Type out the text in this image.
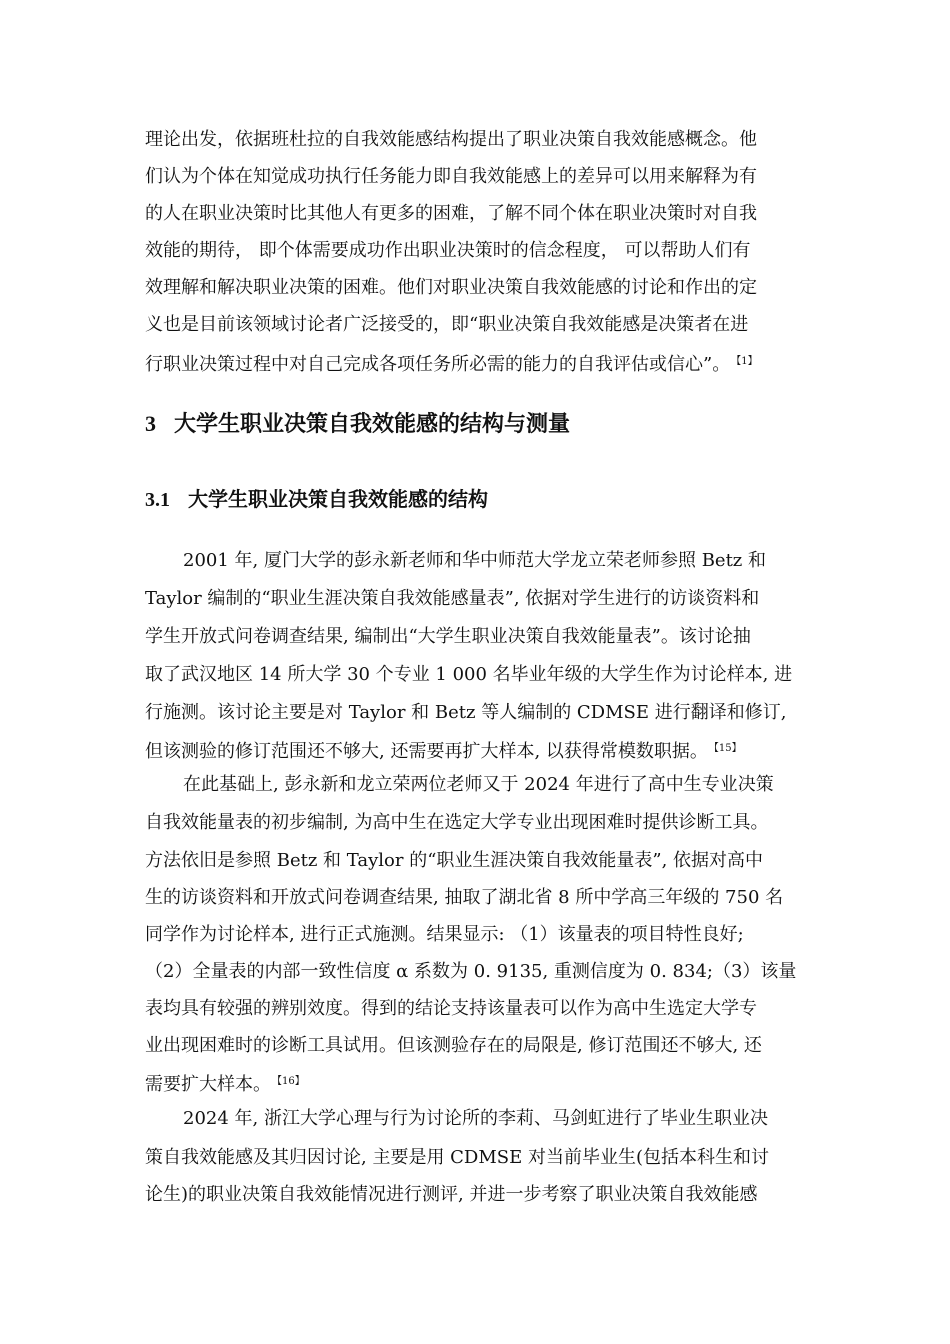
理论出发，依据班杜拉的自我效能感结构提出了职业决策自我效能感概念。他
们认为个体在知觉成功执行任务能力即自我效能感上的差异可以用来解释为有
的人在职业决策时比其他人有更多的困难，了解不同个体在职业决策时对自我
效能的期待， 即个体需要成功作出职业决策时的信念程度， 可以帮助人们有
效理解和解决职业决策的困难。他们对职业决策自我效能感的讨论和作出的定
义也是目前该领域讨论者广泛接受的，即“职业决策自我效能感是决策者在进
行职业决策过程中对自己完成各项任务所必需的能力的自我评估或信心”。 $^{【1】}$
3 大学生职业决策自我效能感的结构与测量
3.1 大学生职业决策自我效能感的结构
2001 年, 厦门大学的彭永新老师和华中师范大学龙立荣老师参照 Betz 和
Taylor 编制的“职业生涯决策自我效能感量表”, 依据对学生进行的访谈资料和
学生开放式问卷调查结果, 编制出“大学生职业决策自我效能量表”。该讨论抽
取了武汉地区 14 所大学 30 个专业 1 000 名毕业年级的大学生作为讨论样本, 进
行施测。该讨论主要是对 Taylor 和 Betz 等人编制的 CDMSE 进行翻译和修订,
但该测验的修订范围还不够大, 还需要再扩大样本, 以获得常模数职据。 $^{【15】}$
在此基础上, 彭永新和龙立荣两位老师又于 2024 年进行了高中生专业决策
自我效能量表的初步编制, 为高中生在选定大学专业出现困难时提供诊断工具。
方法依旧是参照 Betz 和 Taylor 的“职业生涯决策自我效能量表”, 依据对高中
生的访谈资料和开放式问卷调查结果, 抽取了湖北省 8 所中学高三年级的 750 名
同学作为讨论样本, 进行正式施测。结果显示: （1）该量表的项目特性良好;
（2）全量表的内部一致性信度 α 系数为 0. 9135, 重测信度为 0. 834;（3）该量
表均具有较强的辨别效度。得到的结论支持该量表可以作为高中生选定大学专
业出现困难时的诊断工具试用。但该测验存在的局限是, 修订范围还不够大, 还
需要扩大样本。 $^{【16】}$
2024 年, 浙江大学心理与行为讨论所的李莉、马剑虹进行了毕业生职业决
策自我效能感及其归因讨论, 主要是用 CDMSE 对当前毕业生(包括本科生和讨
论生)的职业决策自我效能情况进行测评, 并进一步考察了职业决策自我效能感
